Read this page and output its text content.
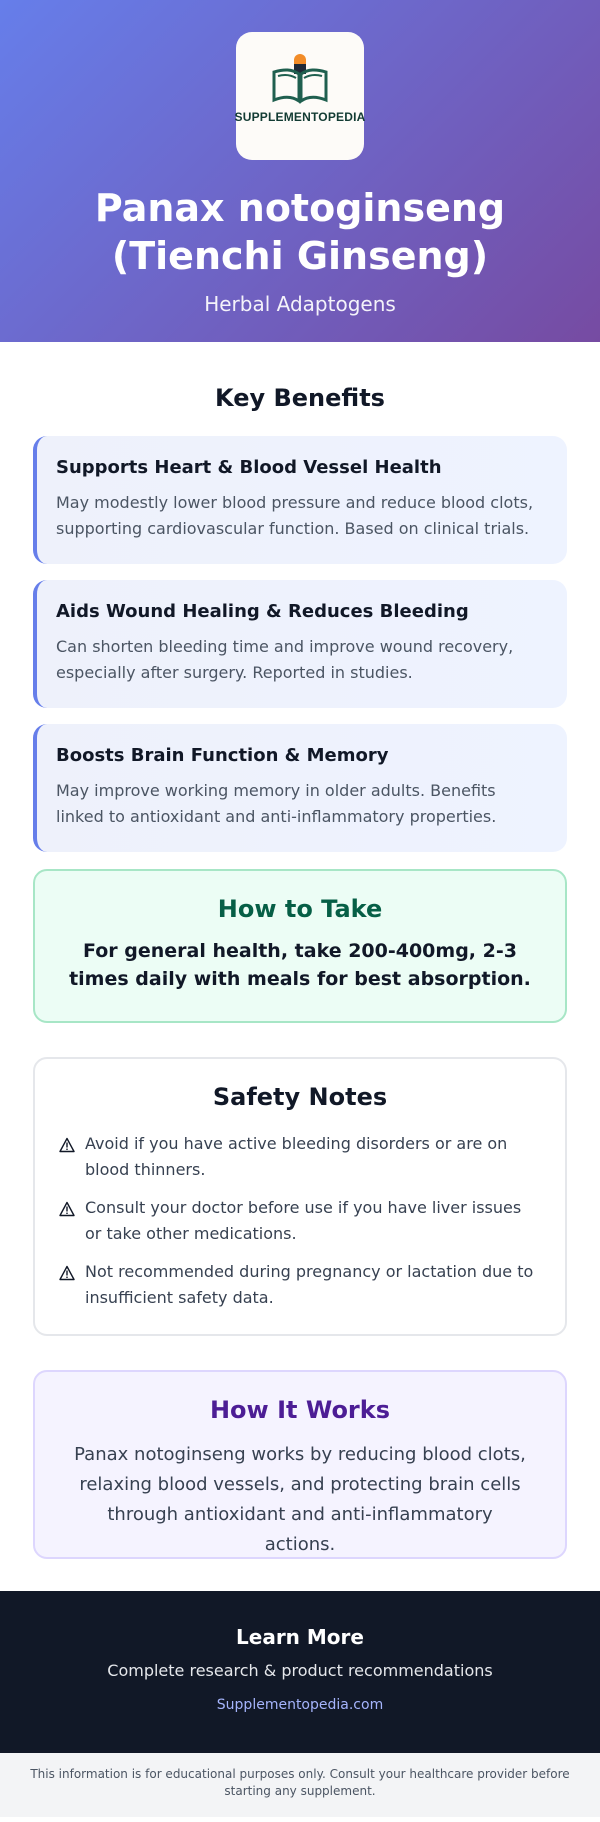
SUPPLEMENTOPEDIA
Panax notoginseng (Tienchi Ginseng)
Herbal Adaptogens
Key Benefits
Supports Heart & Blood Vessel Health

May modestly lower blood pressure and reduce blood clots, supporting cardiovascular function. Based on clinical trials.

Aids Wound Healing & Reduces Bleeding

Can shorten bleeding time and improve wound recovery, especially after surgery. Reported in studies.

Boosts Brain Function & Memory

May improve working memory in older adults. Benefits linked to antioxidant and anti-inflammatory properties.

How to Take

For general health, take 200-400mg, 2-3 times daily with meals for best absorption.

Safety Notes
Avoid if you have active bleeding disorders or are on blood thinners.
Consult your doctor before use if you have liver issues or take other medications.
Not recommended during pregnancy or lactation due to insufficient safety data.
How It Works

Panax notoginseng works by reducing blood clots, relaxing blood vessels, and protecting brain cells through antioxidant and anti-inflammatory actions.

Learn More
Complete research & product recommendations
Supplementopedia.com
This information is for educational purposes only. Consult your healthcare provider before starting any supplement.
